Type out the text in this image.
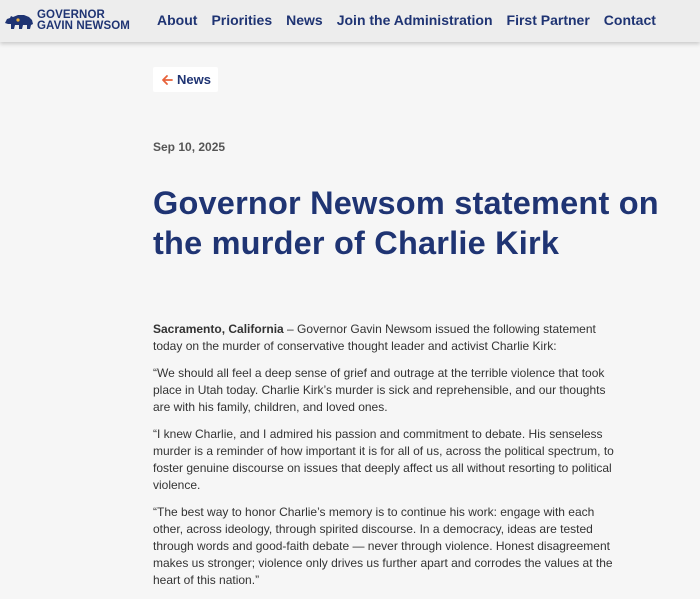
GOVERNOR
GAVIN NEWSOM About Priorities News Join the Administration First Partner Contact
News
Sep 10, 2025
Governor Newsom statement on the murder of Charlie Kirk

Sacramento, California – Governor Gavin Newsom issued the following statement today on the murder of conservative thought leader and activist Charlie Kirk:

“We should all feel a deep sense of grief and outrage at the terrible violence that took place in Utah today. Charlie Kirk’s murder is sick and reprehensible, and our thoughts are with his family, children, and loved ones.

“I knew Charlie, and I admired his passion and commitment to debate. His senseless murder is a reminder of how important it is for all of us, across the political spectrum, to foster genuine discourse on issues that deeply affect us all without resorting to political violence.

“The best way to honor Charlie’s memory is to continue his work: engage with each other, across ideology, through spirited discourse. In a democracy, ideas are tested through words and good-faith debate — never through violence. Honest disagreement makes us stronger; violence only drives us further apart and corrodes the values at the heart of this nation.”
